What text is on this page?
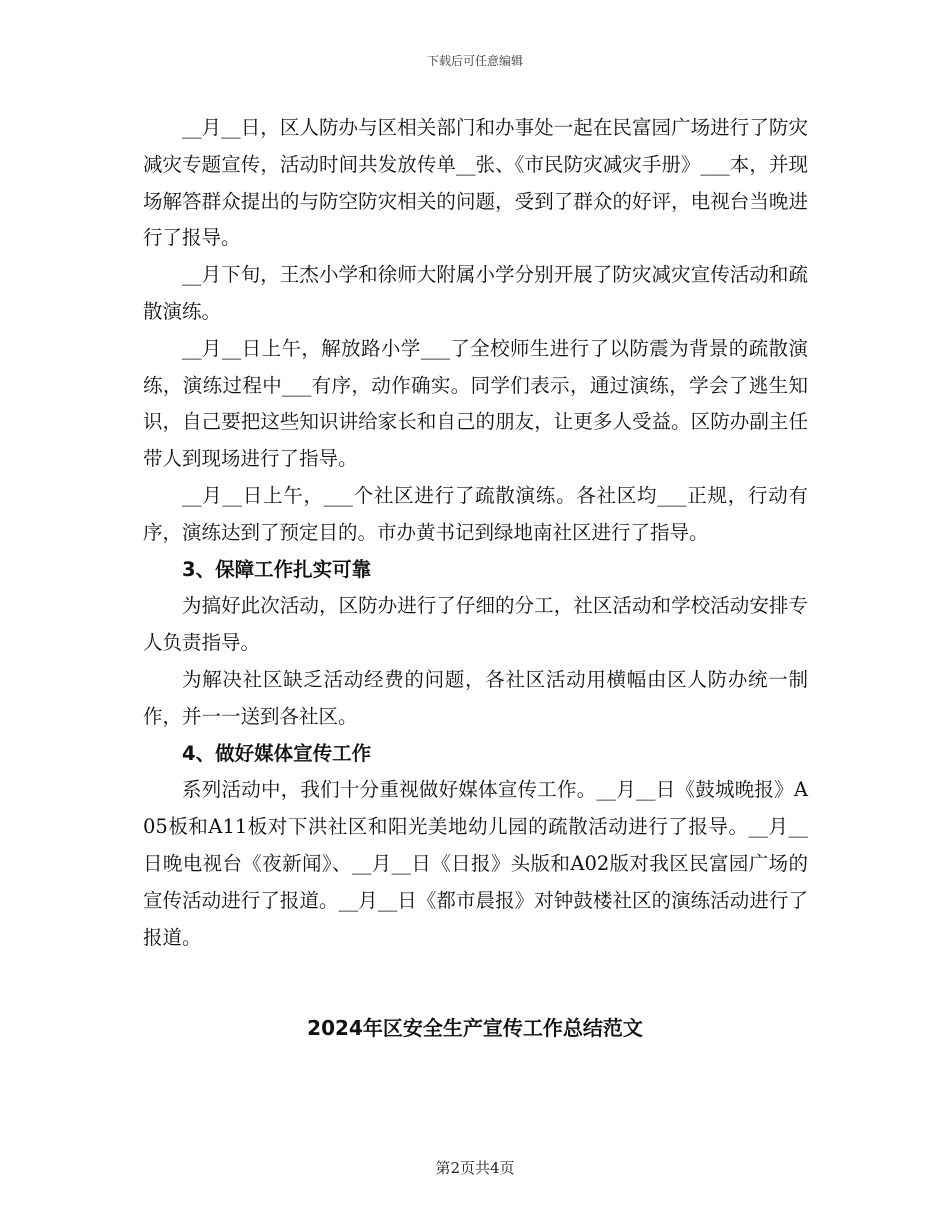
下载后可任意编辑

__月__日，区人防办与区相关部门和办事处一起在民富园广场进行了防灾减灾专题宣传，活动时间共发放传单__张、《市民防灾减灾手册》___本，并现场解答群众提出的与防空防灾相关的问题，受到了群众的好评，电视台当晚进行了报导。

__月下旬，王杰小学和徐师大附属小学分别开展了防灾减灾宣传活动和疏散演练。

__月__日上午，解放路小学___了全校师生进行了以防震为背景的疏散演练，演练过程中___有序，动作确实。同学们表示，通过演练，学会了逃生知识，自己要把这些知识讲给家长和自己的朋友，让更多人受益。区防办副主任带人到现场进行了指导。

__月__日上午，___个社区进行了疏散演练。各社区均___正规，行动有序，演练达到了预定目的。市办黄书记到绿地南社区进行了指导。

3、保障工作扎实可靠

为搞好此次活动，区防办进行了仔细的分工，社区活动和学校活动安排专人负责指导。

为解决社区缺乏活动经费的问题，各社区活动用横幅由区人防办统一制作，并一一送到各社区。

4、做好媒体宣传工作

系列活动中，我们十分重视做好媒体宣传工作。__月__日《鼓城晚报》A05板和A11板对下洪社区和阳光美地幼儿园的疏散活动进行了报导。__月__日晚电视台《夜新闻》、__月__日《日报》头版和A02版对我区民富园广场的宣传活动进行了报道。__月__日《都市晨报》对钟鼓楼社区的演练活动进行了报道。

2024年区安全生产宣传工作总结范文
第2页共4页
